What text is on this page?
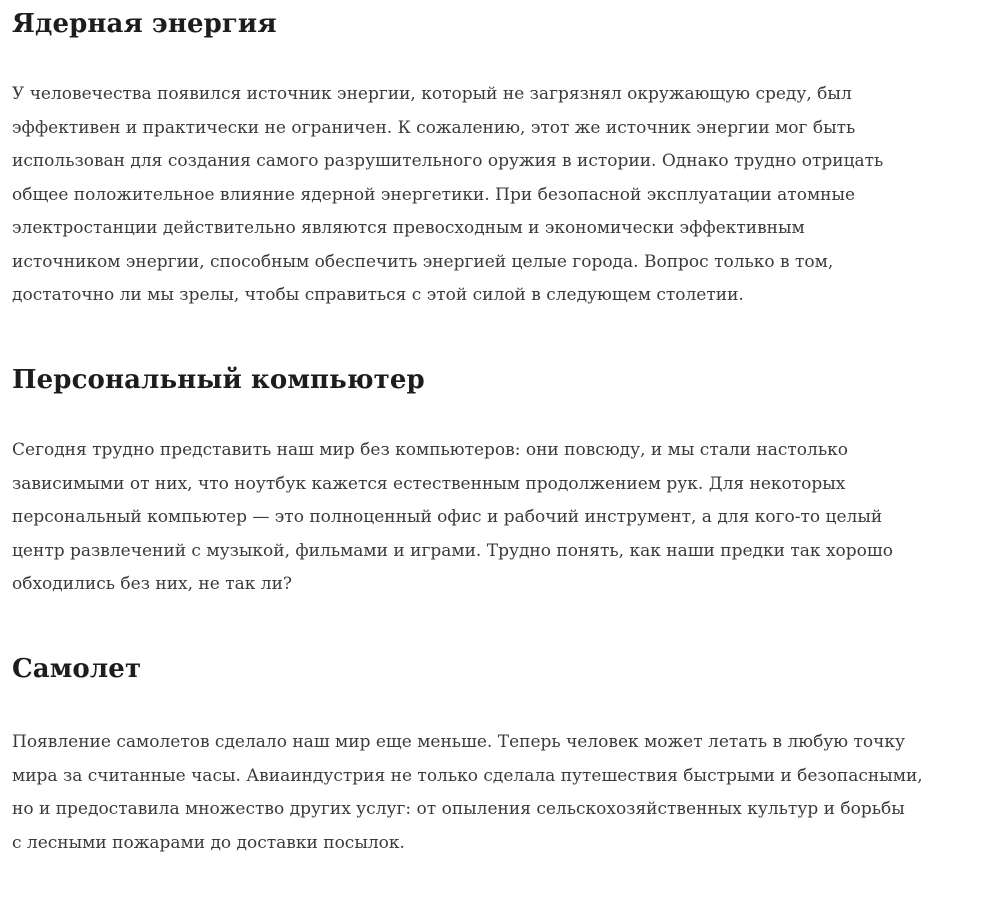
Ядерная энергия

У человечества появился источник энергии, который не загрязнял окружающую среду, был
эффективен и практически не ограничен. К сожалению, этот же источник энергии мог быть
использован для создания самого разрушительного оружия в истории. Однако трудно отрицать
общее положительное влияние ядерной энергетики. При безопасной эксплуатации атомные
электростанции действительно являются превосходным и экономически эффективным
источником энергии, способным обеспечить энергией целые города. Вопрос только в том,
достаточно ли мы зрелы, чтобы справиться с этой силой в следующем столетии.

Персональный компьютер

Сегодня трудно представить наш мир без компьютеров: они повсюду, и мы стали настолько
зависимыми от них, что ноутбук кажется естественным продолжением рук. Для некоторых
персональный компьютер — это полноценный офис и рабочий инструмент, а для кого-то целый
центр развлечений с музыкой, фильмами и играми. Трудно понять, как наши предки так хорошо
обходились без них, не так ли?

Самолет

Появление самолетов сделало наш мир еще меньше. Теперь человек может летать в любую точку
мира за считанные часы. Авиаиндустрия не только сделала путешествия быстрыми и безопасными,
но и предоставила множество других услуг: от опыления сельскохозяйственных культур и борьбы
с лесными пожарами до доставки посылок.
